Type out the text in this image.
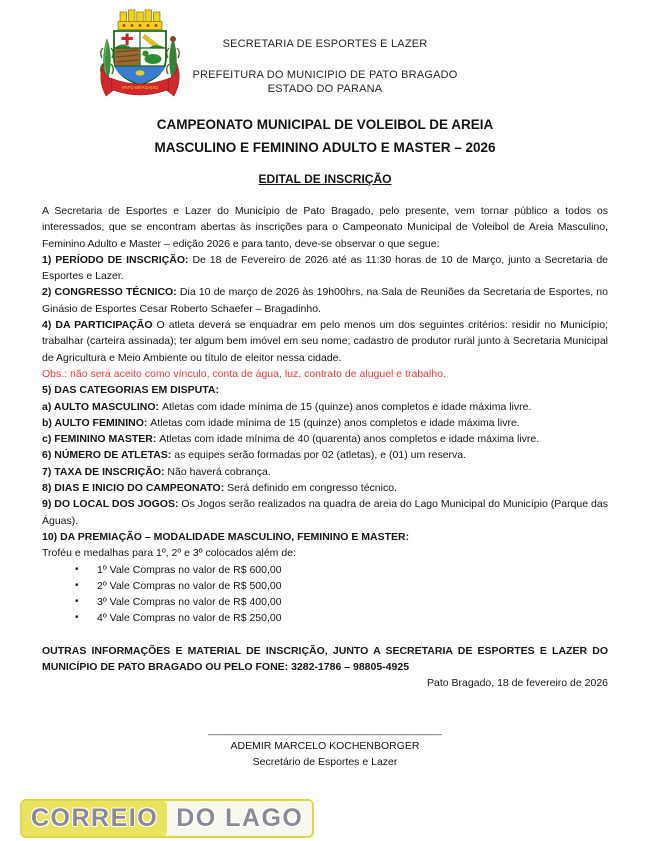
PATO BRAGADO
SECRETARIA DE ESPORTES E LAZER
PREFEITURA DO MUNICIPIO DE PATO BRAGADO
ESTADO DO PARANA
CAMPEONATO MUNICIPAL DE VOLEIBOL DE AREIA
MASCULINO E FEMININO ADULTO E MASTER – 2026
EDITAL DE INSCRIÇÃO

A Secretaria de Esportes e Lazer do Município de Pato Bragado, pelo presente, vem tornar público a todos os interessados, que se encontram abertas às inscrições para o Campeonato Municipal de Voleibol de Areia Masculino, Feminino Adulto e Master – edição 2026 e para tanto, deve-se observar o que segue:

1) PERÍODO DE INSCRIÇÃO: De 18 de Fevereiro de 2026 até as 11:30 horas de 10 de Março, junto a Secretaria de Esportes e Lazer.

2) CONGRESSO TÉCNICO: Dia 10 de março de 2026 às 19h00hrs, na Sala de Reuniões da Secretaria de Esportes, no Ginásio de Esportes Cesar Roberto Schaefer – Bragadinho.

4) DA PARTICIPAÇÃO O atleta deverá se enquadrar em pelo menos um dos seguintes critérios: residir no Município; trabalhar (carteira assinada); ter algum bem imóvel em seu nome; cadastro de produtor rural junto à Secretaria Municipal de Agricultura e Meio Ambiente ou título de eleitor nessa cidade.

Obs.: não será aceito como vínculo, conta de água, luz, contrato de aluguel e trabalho.

5) DAS CATEGORIAS EM DISPUTA:

a) AULTO MASCULINO: Atletas com idade mínima de 15 (quinze) anos completos e idade máxima livre.

b) AULTO FEMININO: Atletas com idade mínima de 15 (quinze) anos completos e idade máxima livre.

c) FEMININO MASTER: Atletas com idade mínima de 40 (quarenta) anos completos e idade máxima livre.

6) NÚMERO DE ATLETAS: as equipes serão formadas por 02 (atletas), e (01) um reserva.

7) TAXA DE INSCRIÇÃO: Não haverá cobrança.

8) DIAS E INICIO DO CAMPEONATO: Será definido em congresso técnico.

9) DO LOCAL DOS JOGOS: Os Jogos serão realizados na quadra de areia do Lago Municipal do Município (Parque das Águas).

10) DA PREMIAÇÃO – MODALIDADE MASCULINO, FEMININO E MASTER:

Troféu e medalhas para 1º, 2º e 3º colocados além de:

•	1º Vale Compras no valor de R$ 600,00
•	2º Vale Compras no valor de R$ 500,00
•	3º Vale Compras no valor de R$ 400,00
•	4º Vale Compras no valor de R$ 250,00

OUTRAS INFORMAÇÕES E MATERIAL DE INSCRIÇÃO, JUNTO A SECRETARIA DE ESPORTES E LAZER DO MUNICÍPIO DE PATO BRAGADO OU PELO FONE: 3282-1786 – 98805-4925

Pato Bragado, 18 de fevereiro de 2026

________________________________________
ADEMIR MARCELO KOCHENBORGER
Secretário de Esportes e Lazer
CORREIO DO LAGO
